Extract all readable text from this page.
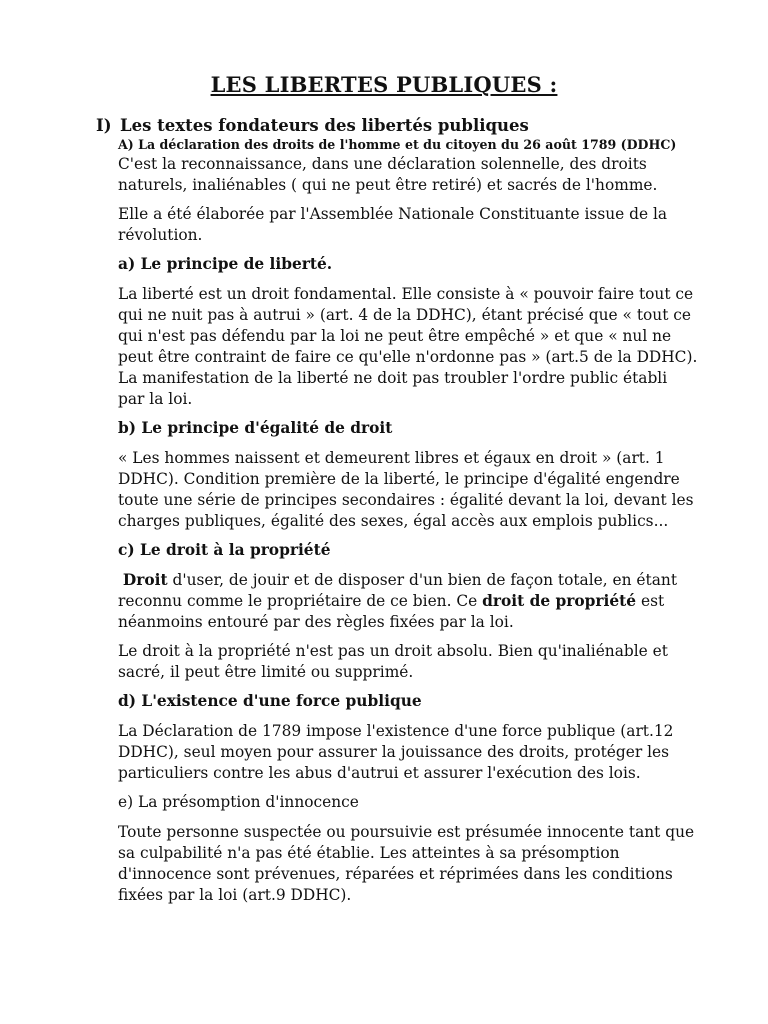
LES LIBERTES PUBLIQUES :
I) Les textes fondateurs des libertés publiques
A) La déclaration des droits de l'homme et du citoyen du 26 août 1789 (DDHC)

C'est la reconnaissance, dans une déclaration solennelle, des droits naturels, inaliénables ( qui ne peut être retiré) et sacrés de l'homme.

Elle a été élaborée par l'Assemblée Nationale Constituante issue de la révolution.

a) Le principe de liberté.

La liberté est un droit fondamental. Elle consiste à « pouvoir faire tout ce qui ne nuit pas à autrui » (art. 4 de la DDHC), étant précisé que « tout ce qui n'est pas défendu par la loi ne peut être empêché » et que « nul ne peut être contraint de faire ce qu'elle n'ordonne pas » (art.5 de la DDHC). La manifestation de la liberté ne doit pas troubler l'ordre public établi par la loi.

b) Le principe d'égalité de droit

« Les hommes naissent et demeurent libres et égaux en droit » (art. 1 DDHC). Condition première de la liberté, le principe d'égalité engendre toute une série de principes secondaires : égalité devant la loi, devant les charges publiques, égalité des sexes, égal accès aux emplois publics...

c) Le droit à la propriété

Droit d'user, de jouir et de disposer d'un bien de façon totale, en étant reconnu comme le propriétaire de ce bien. Ce droit de propriété est néanmoins entouré par des règles fixées par la loi.

Le droit à la propriété n'est pas un droit absolu. Bien qu'inaliénable et sacré, il peut être limité ou supprimé.

d) L'existence d'une force publique

La Déclaration de 1789 impose l'existence d'une force publique (art.12 DDHC), seul moyen pour assurer la jouissance des droits, protéger les particuliers contre les abus d'autrui et assurer l'exécution des lois.

e) La présomption d'innocence

Toute personne suspectée ou poursuivie est présumée innocente tant que sa culpabilité n'a pas été établie. Les atteintes à sa présomption d'innocence sont prévenues, réparées et réprimées dans les conditions fixées par la loi (art.9 DDHC).
